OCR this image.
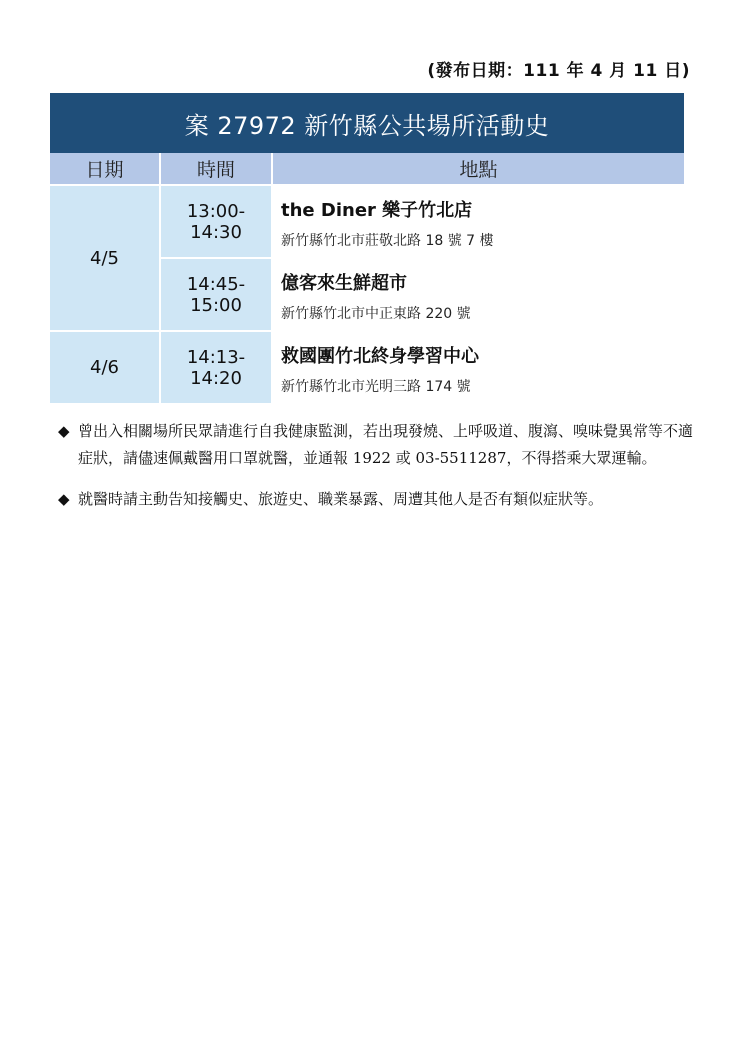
(發布日期：111 年 4 月 11 日)
案 27972 新竹縣公共場所活動史
日期	時間	地點
4/5	13:00-14:30	the Diner 樂子竹北店
新竹縣竹北市莊敬北路 18 號 7 樓

	14:45-15:00	億客來生鮮超市
新竹縣竹北市中正東路 220 號

4/6	14:13-14:20	救國團竹北終身學習中心
新竹縣竹北市光明三路 174 號
◆ 曾出入相關場所民眾請進行自我健康監測，若出現發燒、上呼吸道、腹瀉、嗅味覺異常等不適症狀，請儘速佩戴醫用口罩就醫，並通報 1922 或 03-5511287，不得搭乘大眾運輸。
◆ 就醫時請主動告知接觸史、旅遊史、職業暴露、周遭其他人是否有類似症狀等。
